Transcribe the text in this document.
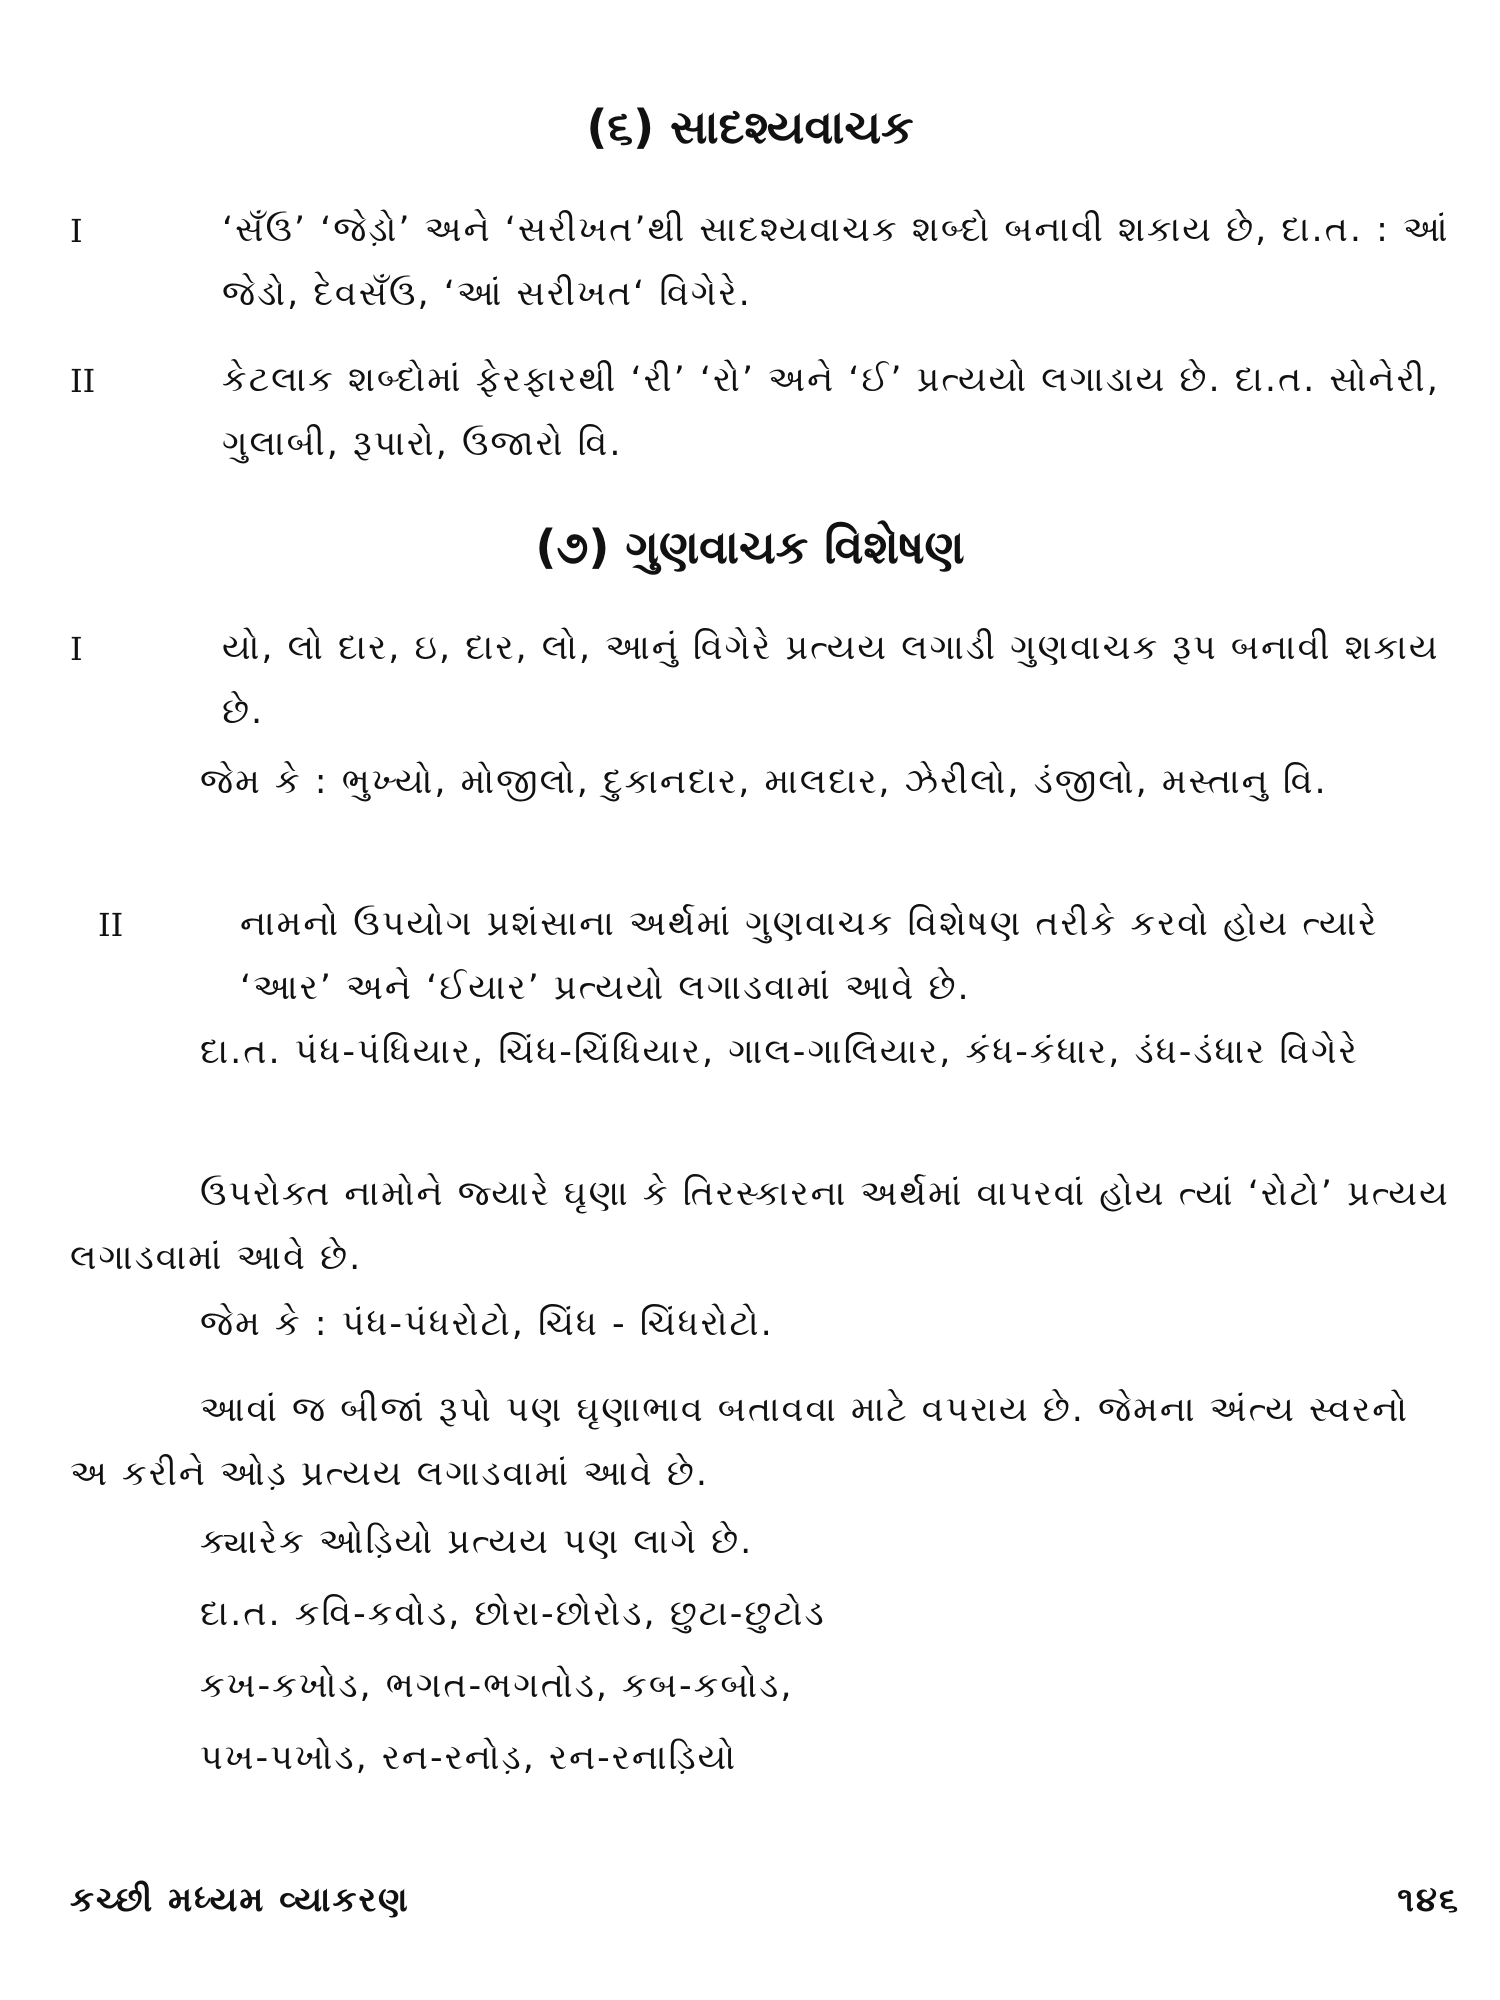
(૬) સાદશ્યવાચક
I	‘સઁઉ’ ‘જેડ઼ો’ અને ‘સરીખત’થી સાદશ્યવાચક શબ્દો બનાવી શકાય છે, દા.ત. : આં જેડો, દેવસઁઉ, ‘આં સરીખત‘ વિગેરે.
II	કેટલાક શબ્દોમાં ફેરફારથી ‘રી’ ‘રો’ અને ‘ઈ’ પ્રત્યયો લગાડાય છે. દા.ત. સોનેરી, ગુલાબી, રૂપારો, ઉજારો વિ.
(૭) ગુણવાચક વિશેષણ
I	યો, લો દાર, ઇ, દાર, લો, આનું વિગેરે પ્રત્યય લગાડી ગુણવાચક રૂપ બનાવી શકાય છે.

જેમ કે : ભુખ્યો, મોજીલો, દુકાનદાર, માલદાર, ઝેરીલો, ડંજીલો, મસ્તાનુ વિ.

II	નામનો ઉપયોગ પ્રશંસાના અર્થમાં ગુણવાચક વિશેષણ તરીકે કરવો હોય ત્યારે ‘આર’ અને ‘ઈયાર’ પ્રત્યયો લગાડવામાં આવે છે.

દા.ત. પંધ-પંધિયાર, ચિંધ-ચિંધિયાર, ગાલ-ગાલિયાર, કંધ-કંધાર, ડંધ-ડંધાર વિગેરે

ઉપરોક્ત નામોને જ્યારે ઘૃણા કે તિરસ્કારના અર્થમાં વાપરવાં હોય ત્યાં ‘રોટો’ પ્રત્યય લગાડવામાં આવે છે.

જેમ કે : પંધ-પંધરોટો, ચિંધ - ચિંધરોટો.

આવાં જ બીજાં રૂપો પણ ઘૃણાભાવ બતાવવા માટે વપરાય છે. જેમના અંત્ય સ્વરનો અ કરીને ઓડ઼ પ્રત્યય લગાડવામાં આવે છે.

ક્યારેક ઓડ઼િયો પ્રત્યય પણ લાગે છે.

દા.ત. કવિ-કવોડ, છોરા-છોરોડ, છુટા-છુટોડ

કખ-કખોડ, ભગત-ભગતોડ, કબ-કબોડ,

પખ-પખોડ, રન-રનોડ઼, રન-રનાડ઼િયો

કચ્છી મધ્યમ વ્યાકરણ	૧૪૬
